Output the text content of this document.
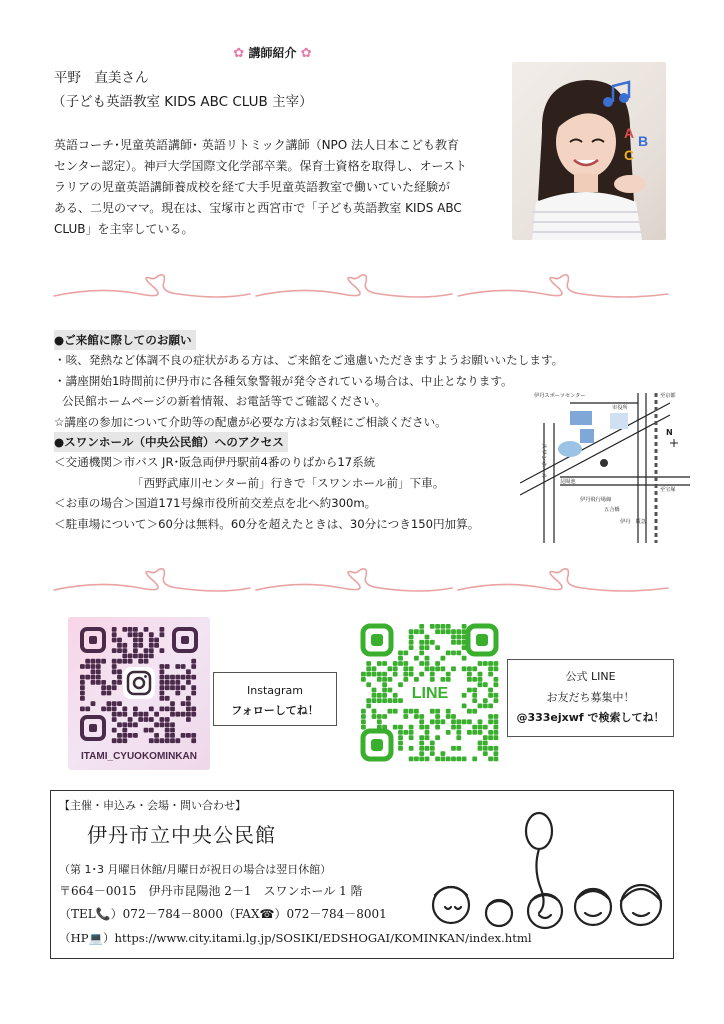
✿ 講師紹介 ✿
平野　直美さん
（子ども英語教室 KIDS ABC CLUB 主宰）
英語コーチ･児童英語講師･ 英語リトミック講師（NPO 法人日本こども教育
センター認定）。神戸大学国際文化学部卒業。保育士資格を取得し、オースト
ラリアの児童英語講師養成校を経て大手児童英語教室で働いていた経験が
ある、二児のママ。現在は、宝塚市と西宮市で「子ども英語教室 KIDS ABC
CLUB」を主宰している。
A B
C
●ご来館に際してのお願い
・咳、発熱など体調不良の症状がある方は、ご来館をご遠慮いただきますようお願いいたします。
・講座開始1時間前に伊丹市に各種気象警報が発令されている場合は、中止となります。
公民館ホームページの新着情報、お電話等でご確認ください。
☆講座の参加について介助等の配慮が必要な方はお気軽にご相談ください。
●スワンホール（中央公民館）へのアクセス
＜交通機関＞市バス JR･阪急両伊丹駅前4番のりばから17系統
「西野武庫川センター前」行きで「スワンホール前」下車。
＜お車の場合＞国道171号線市役所前交差点を北へ約300m。
＜駐車場について＞60分は無料。60分を超えたときは、30分につき150円加算。
伊丹スポーツセンター
市役所
昆陽池
伊丹飛行場線
N
至京都
至宝塚
伊丹　阪急
五合橋
スワンホール
ITAMI_CYUOKOMINKAN
Instagram
フォローしてね！
LINE
公式 LINE
お友だち募集中！
@333ejxwf で検索してね！
【主催・申込み・会場・問い合わせ】
伊丹市立中央公民館
（第 1･3 月曜日休館/月曜日が祝日の場合は翌日休館）
〒664－0015　伊丹市昆陽池 2－1　スワンホール 1 階
（TEL📞）072－784－8000（FAX☎）072－784－8001
（HP💻）https://www.city.itami.lg.jp/SOSIKI/EDSHOGAI/KOMINKAN/index.html
